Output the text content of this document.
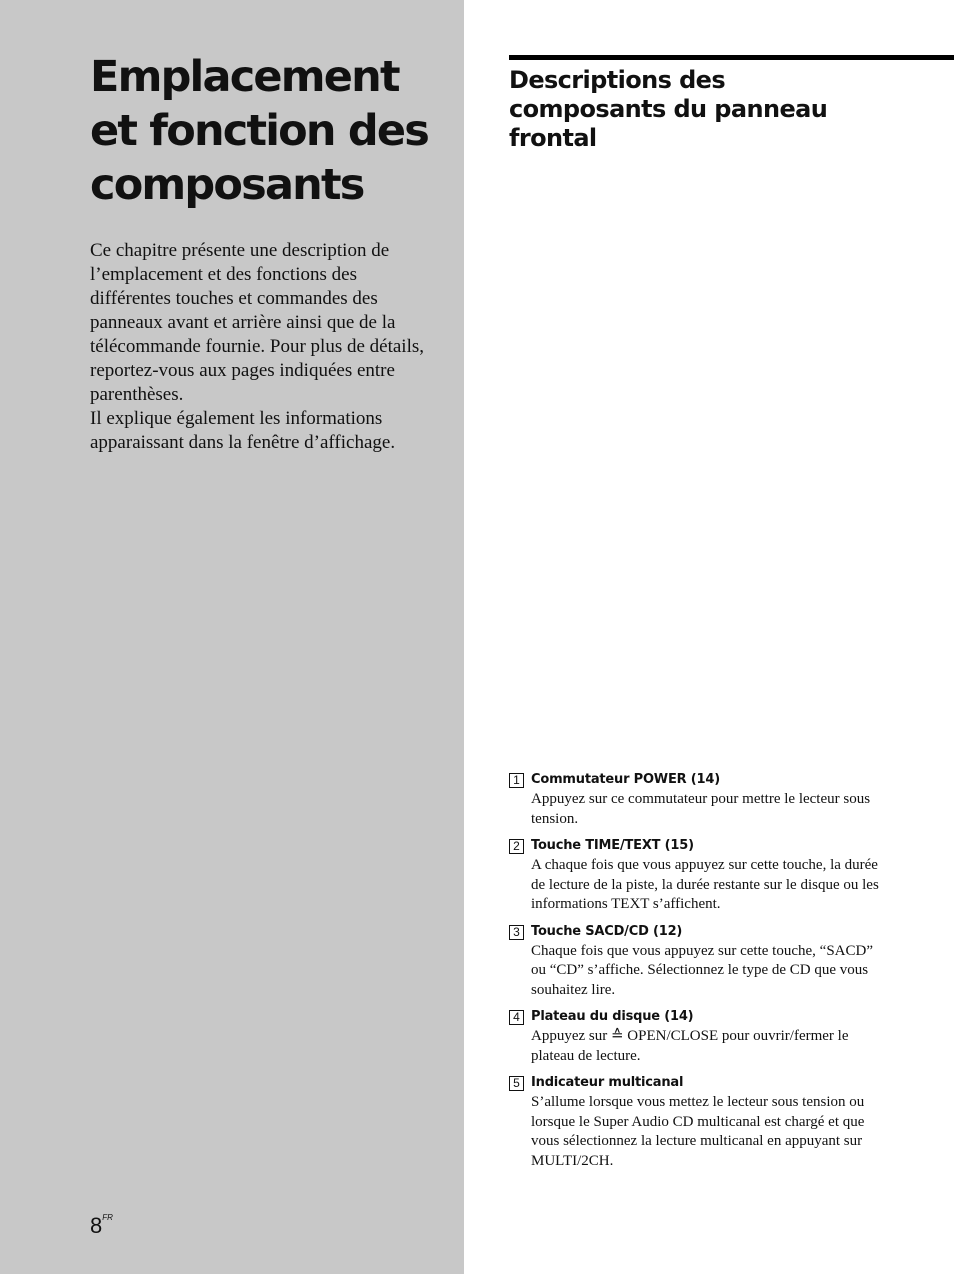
Emplacement
et fonction des
composants

Ce chapitre présente une description de l’emplacement et des fonctions des différentes touches et commandes des panneaux avant et arrière ainsi que de la télécommande fournie. Pour plus de détails, reportez-vous aux pages indiquées entre parenthèses.

Il explique également les informations apparaissant dans la fenêtre d’affichage.

Descriptions des
composants du panneau
frontal
1 Commutateur POWER (14)

Appuyez sur ce commutateur pour mettre le lecteur sous tension.

2 Touche TIME/TEXT (15)

A chaque fois que vous appuyez sur cette touche, la durée de lecture de la piste, la durée restante sur le disque ou les informations TEXT s’affichent.

3 Touche SACD/CD (12)

Chaque fois que vous appuyez sur cette touche, “SACD” ou “CD” s’affiche. Sélectionnez le type de CD que vous souhaitez lire.

4 Plateau du disque (14)

Appuyez sur ≙ OPEN/CLOSE pour ouvrir/fermer le plateau de lecture.

5 Indicateur multicanal

S’allume lorsque vous mettez le lecteur sous tension ou lorsque le Super Audio CD multicanal est chargé et que vous sélectionnez la lecture multicanal en appuyant sur MULTI/2CH.

$8^{FR}$
